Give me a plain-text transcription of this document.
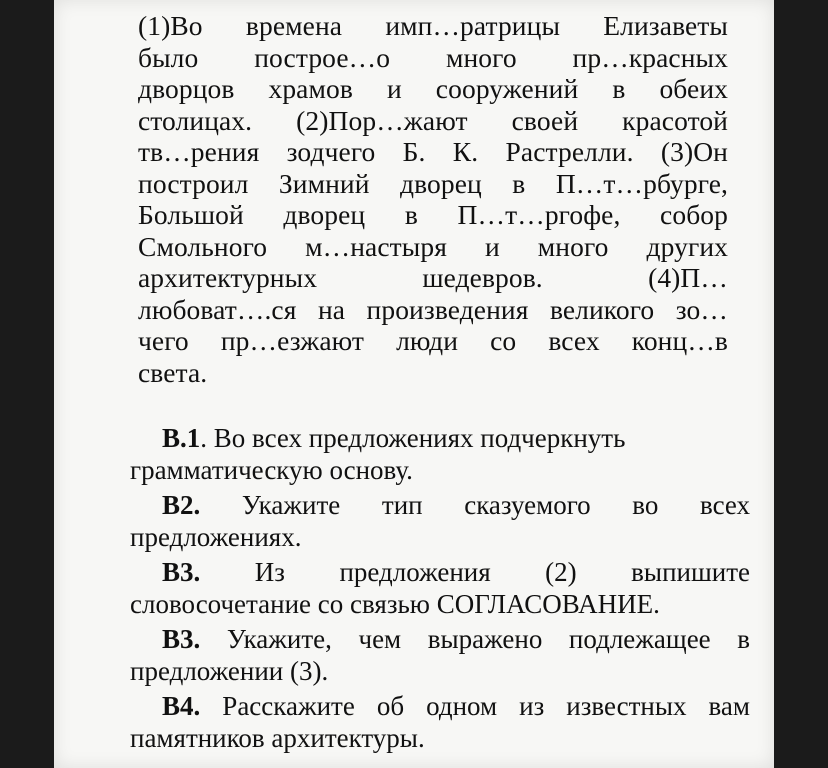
(1)Во времена имп…ратрицы Елизаветы
было построе…о много пр…красных
дворцов храмов и сооружений в обеих
столицах. (2)Пор…жают своей красотой
тв…рения зодчего Б. К. Растрелли. (3)Он
построил Зимний дворец в П…т…рбурге,
Большой дворец в П…т…ргофе, собор
Смольного м…настыря и много других
архитектурных шедевров. (4)П…
любоват….ся на произведения великого зо…
чего пр…езжают люди со всех конц…в
света.
В.1. Во всех предложениях подчеркнуть
грамматическую основу.
В2. Укажите тип сказуемого во всех
предложениях.
В3. Из предложения (2) выпишите
словосочетание со связью СОГЛАСОВАНИЕ.
В3. Укажите, чем выражено подлежащее в
предложении (3).
В4. Расскажите об одном из известных вам
памятников архитектуры.
